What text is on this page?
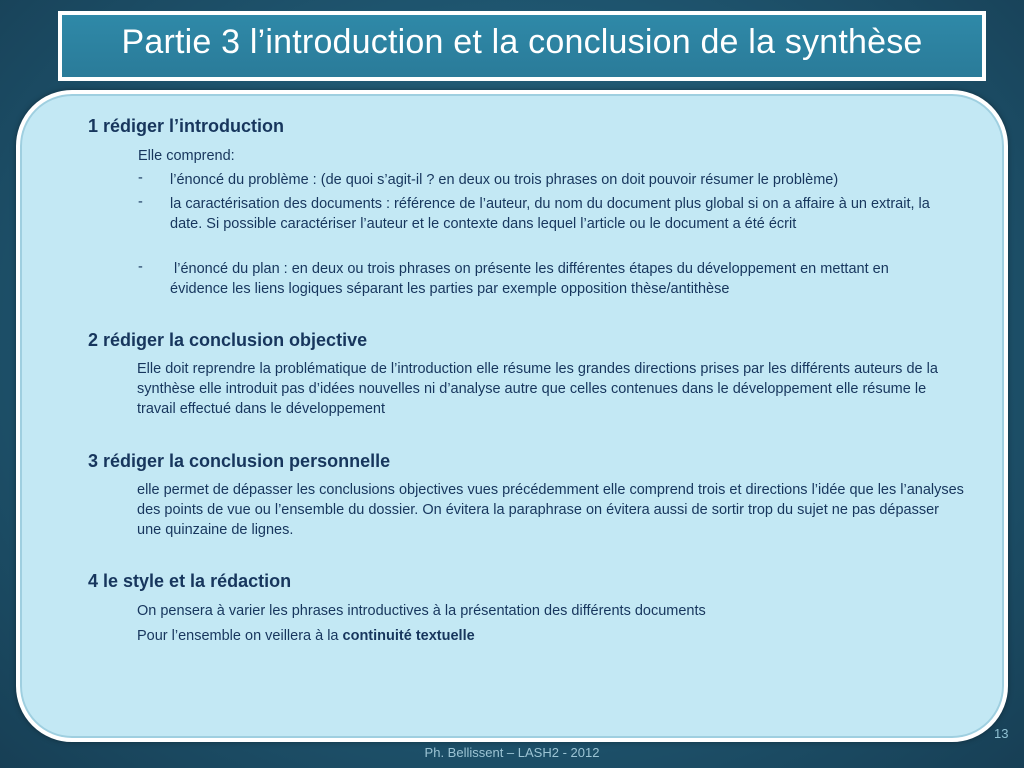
Partie 3 l’introduction et la conclusion de la synthèse
1 rédiger l’introduction
Elle comprend:
- l’énoncé du problème : (de quoi s’agit-il ? en deux ou trois phrases on doit pouvoir résumer le problème)
- la caractérisation des documents : référence de l’auteur, du nom du document plus global si on a affaire à un extrait, la date. Si possible caractériser l’auteur et le contexte dans lequel l’article ou le document a été écrit
- l’énoncé du plan : en deux ou trois phrases on présente les différentes étapes du développement en mettant en évidence les liens logiques séparant les parties par exemple opposition thèse/antithèse
2 rédiger la conclusion objective
Elle doit reprendre la problématique de l’introduction elle résume les grandes directions prises par les différents auteurs de la synthèse elle introduit pas d’idées nouvelles ni d’analyse autre que celles contenues dans le développement elle résume le travail effectué dans le développement
3 rédiger la conclusion personnelle
elle permet de dépasser les conclusions objectives vues précédemment elle comprend trois et directions l’idée que les l’analyses des points de vue ou l’ensemble du dossier. On évitera la paraphrase on évitera aussi de sortir trop du sujet ne pas dépasser une quinzaine de lignes.
4 le style et la rédaction
On pensera à varier les phrases introductives à la présentation des différents documents
Pour l’ensemble on veillera à la continuité textuelle
13
Ph. Bellissent – LASH2 - 2012
